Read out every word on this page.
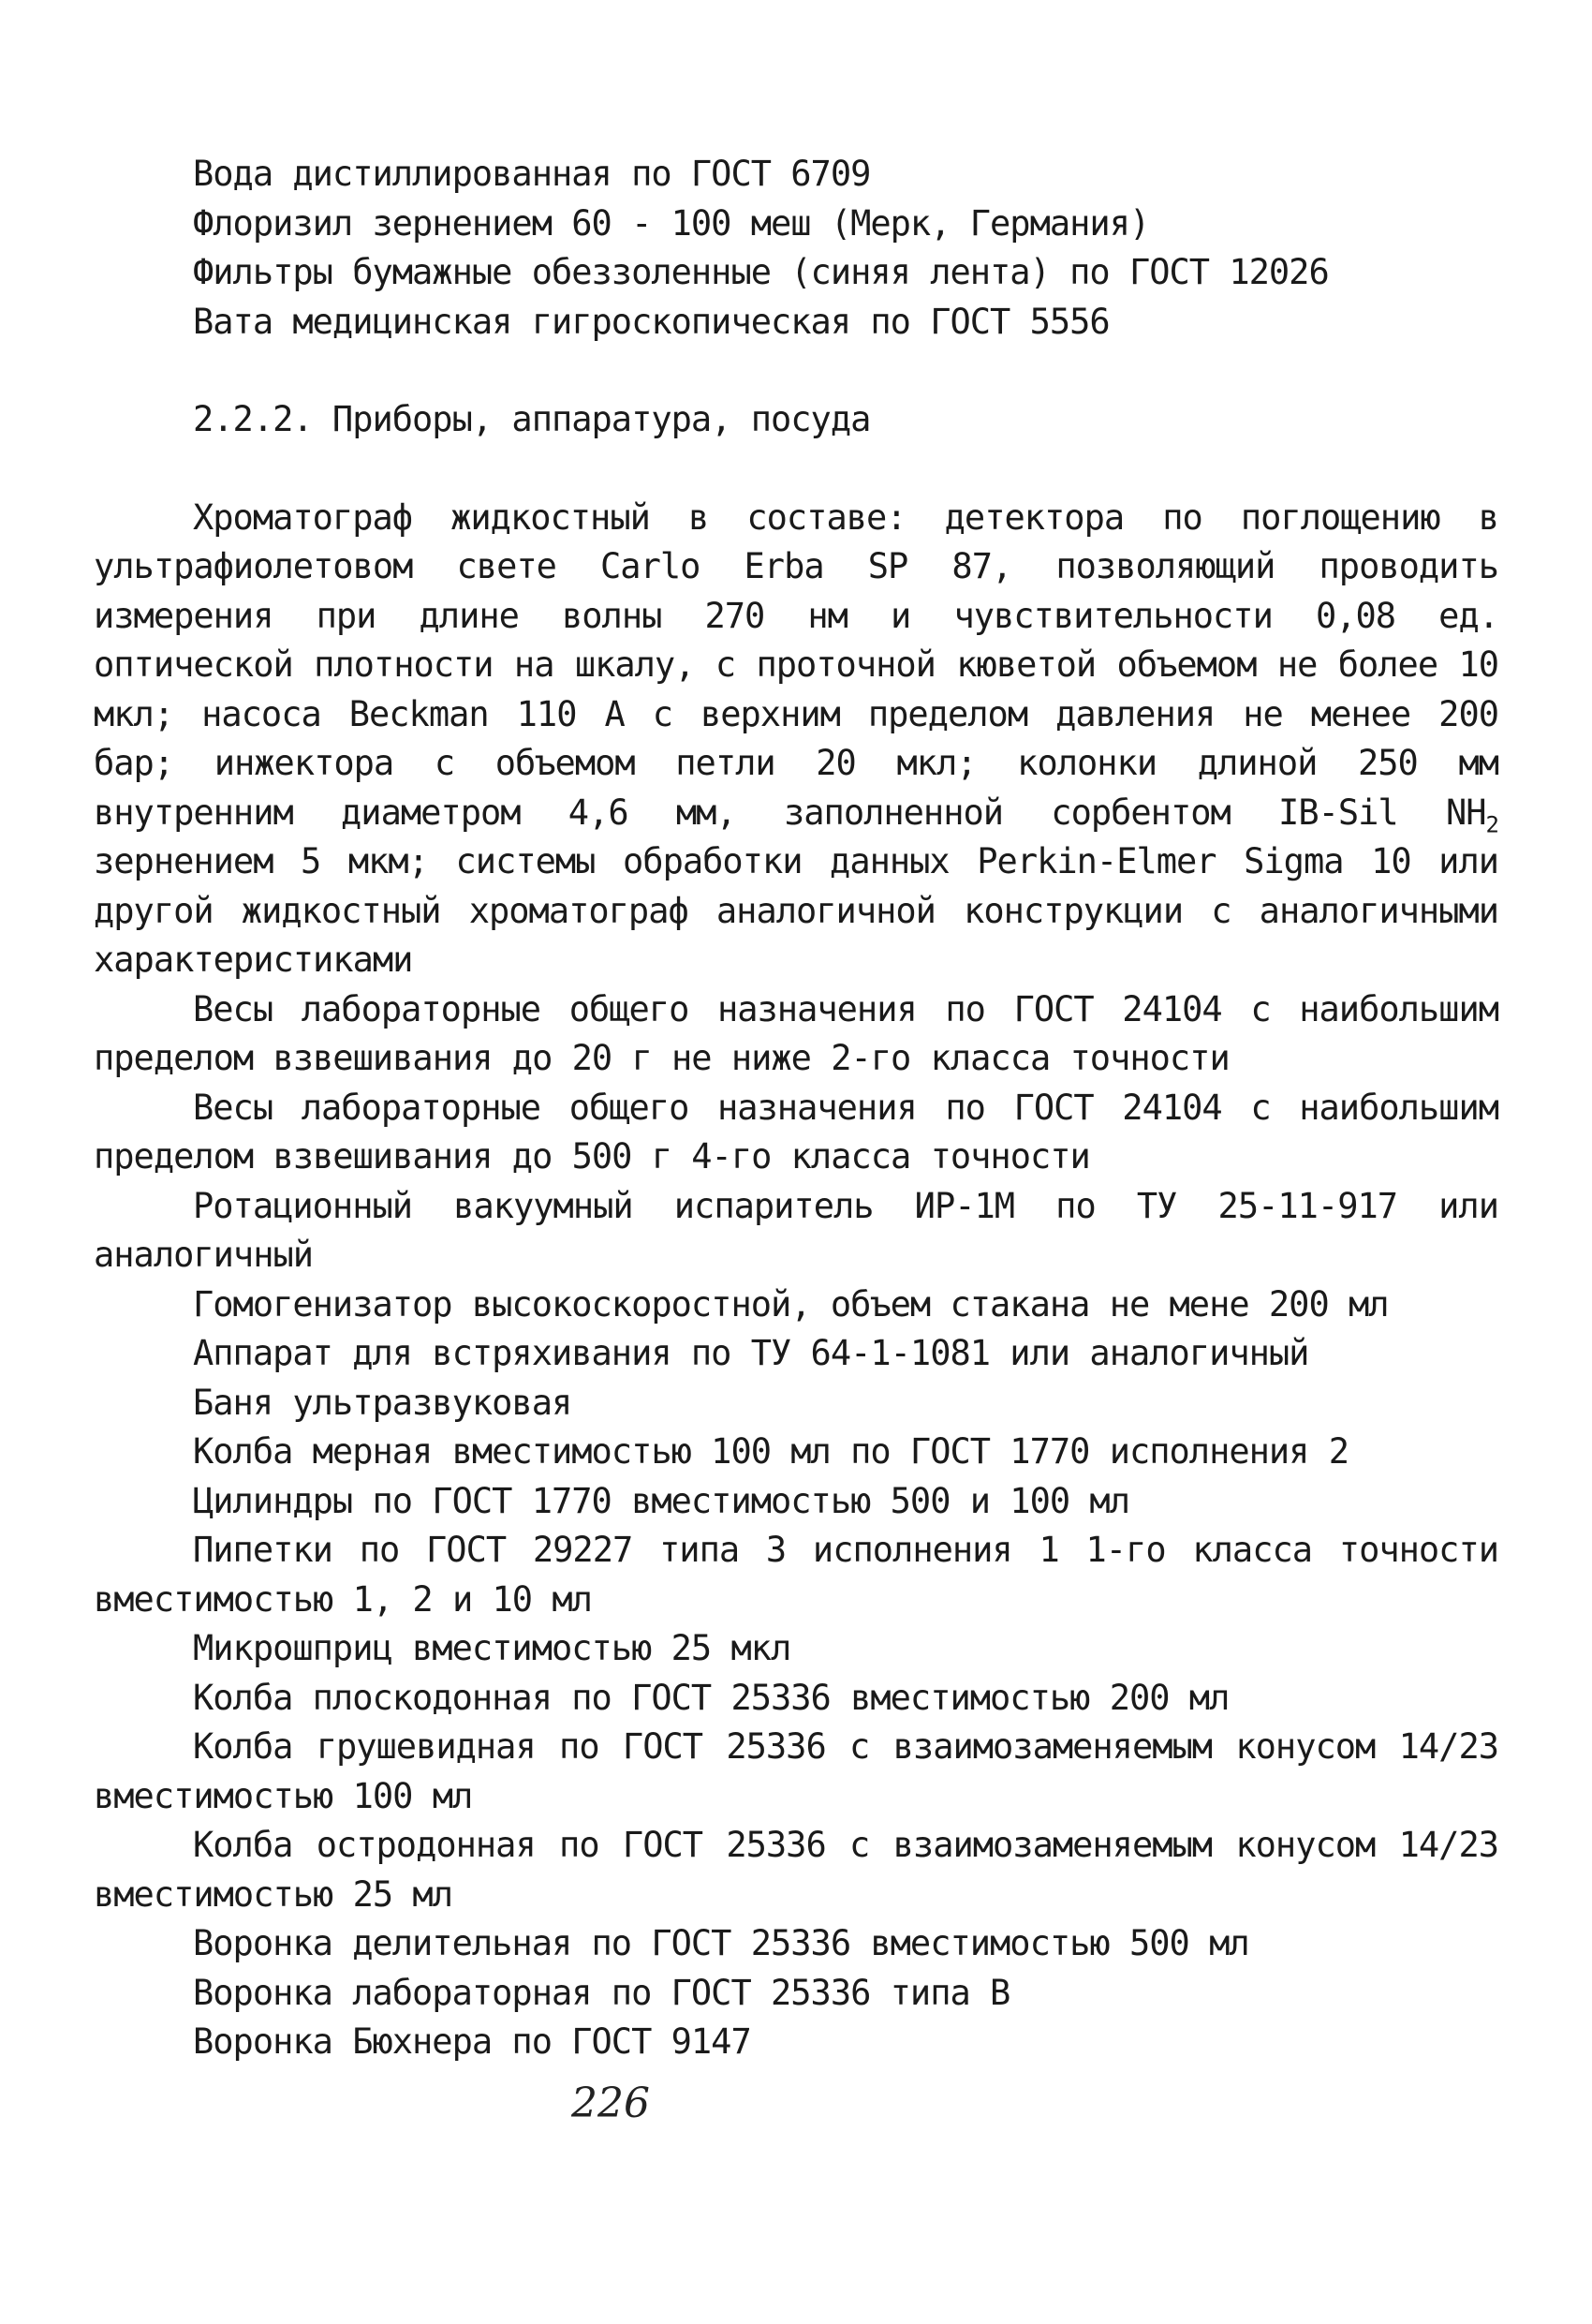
Вода дистиллированная по ГОСТ 6709

Флоризил зернением 60 - 100 меш (Мерк, Германия)

Фильтры бумажные обеззоленные (синяя лента) по ГОСТ 12026

Вата медицинская гигроскопическая по ГОСТ 5556

2.2.2. Приборы, аппаратура, посуда

Хроматограф жидкостный в составе: детектора по поглощению в ультрафиолетовом свете Carlo Erba SP 87, позволяющий проводить измерения при длине волны 270 нм и чувствительности 0,08 ед. оптической плотности на шкалу, с проточной кюветой объемом не более 10 мкл; насоса Beckman 110 A с верхним пределом давления не менее 200 бар; инжектора с объемом петли 20 мкл; колонки длиной 250 мм внутренним диаметром 4,6 мм, заполненной сорбентом IB-Sil $NH_2$ зернением 5 мкм; системы обработки данных Perkin-Elmer Sigma 10 или другой жидкостный хроматограф аналогичной конструкции с аналогичными характеристиками

Весы лабораторные общего назначения по ГОСТ 24104 с наибольшим пределом взвешивания до 20 г не ниже 2-го класса точности

Весы лабораторные общего назначения по ГОСТ 24104 с наибольшим пределом взвешивания до 500 г 4-го класса точности

Ротационный вакуумный испаритель ИР-1М по ТУ 25-11-917 или аналогичный

Гомогенизатор высокоскоростной, объем стакана не мене 200 мл

Аппарат для встряхивания по ТУ 64-1-1081 или аналогичный

Баня ультразвуковая

Колба мерная вместимостью 100 мл по ГОСТ 1770 исполнения 2

Цилиндры по ГОСТ 1770 вместимостью 500 и 100 мл

Пипетки по ГОСТ 29227 типа 3 исполнения 1 1-го класса точности вместимостью 1, 2 и 10 мл

Микрошприц вместимостью 25 мкл

Колба плоскодонная по ГОСТ 25336 вместимостью 200 мл

Колба грушевидная по ГОСТ 25336 с взаимозаменяемым конусом 14/23 вместимостью 100 мл

Колба остродонная по ГОСТ 25336 с взаимозаменяемым конусом 14/23 вместимостью 25 мл

Воронка делительная по ГОСТ 25336 вместимостью 500 мл

Воронка лабораторная по ГОСТ 25336 типа В

Воронка Бюхнера по ГОСТ 9147

226
